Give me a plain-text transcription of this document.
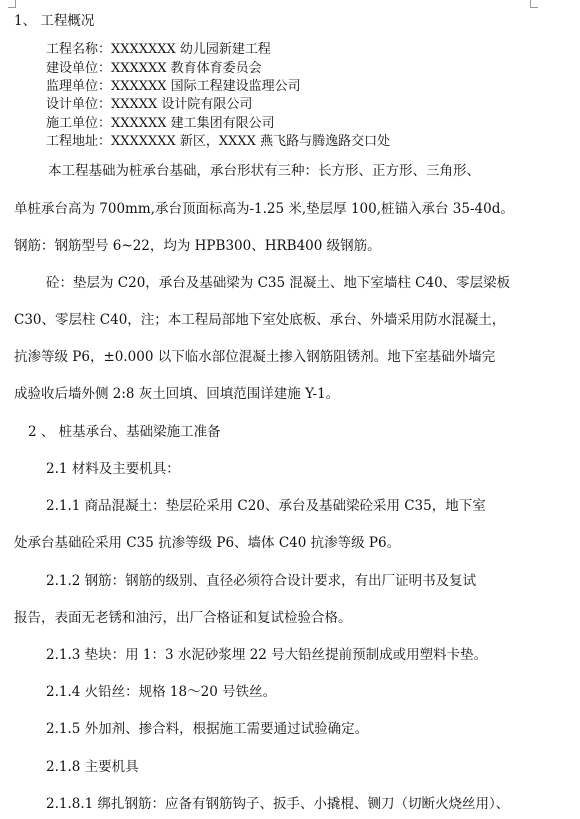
1、 工程概况
工程名称：XXXXXXX 幼儿园新建工程
建设单位：XXXXXX 教育体育委员会
监理单位：XXXXXX 国际工程建设监理公司
设计单位：XXXXX 设计院有限公司
施工单位：XXXXXX 建工集团有限公司
工程地址：XXXXXXX 新区，XXXX 燕飞路与腾逸路交口处
本工程基础为桩承台基础，承台形状有三种：长方形、正方形、三角形、
单桩承台高为 700mm,承台顶面标高为-1.25 米,垫层厚 100,桩锚入承台 35-40d。
钢筋：钢筋型号 6~22，均为 HPB300、HRB400 级钢筋。
砼：垫层为 C20，承台及基础梁为 C35 混凝土、地下室墙柱 C40、零层梁板
C30、零层柱 C40，注；本工程局部地下室处底板、承台、外墙采用防水混凝土，
抗渗等级 P6，±0.000 以下临水部位混凝土掺入钢筋阻锈剂。地下室基础外墙完
成验收后墙外侧 2:8 灰土回填、回填范围详建施 Y-1。
2 、 桩基承台、基础梁施工准备
2.1 材料及主要机具：
2.1.1 商品混凝土：垫层砼采用 C20、承台及基础梁砼采用 C35，地下室
处承台基础砼采用 C35 抗渗等级 P6、墙体 C40 抗渗等级 P6。
2.1.2 钢筋：钢筋的级别、直径必须符合设计要求，有出厂证明书及复试
报告，表面无老锈和油污，出厂合格证和复试检验合格。
2.1.3 垫块：用 1：3 水泥砂浆埋 22 号大铅丝提前预制成或用塑料卡垫。
2.1.4 火铅丝：规格 18～20 号铁丝。
2.1.5 外加剂、掺合料，根据施工需要通过试验确定。
2.1.8 主要机具
2.1.8.1 绑扎钢筋：应备有钢筋钩子、扳手、小撬棍、铡刀（切断火烧丝用）、
